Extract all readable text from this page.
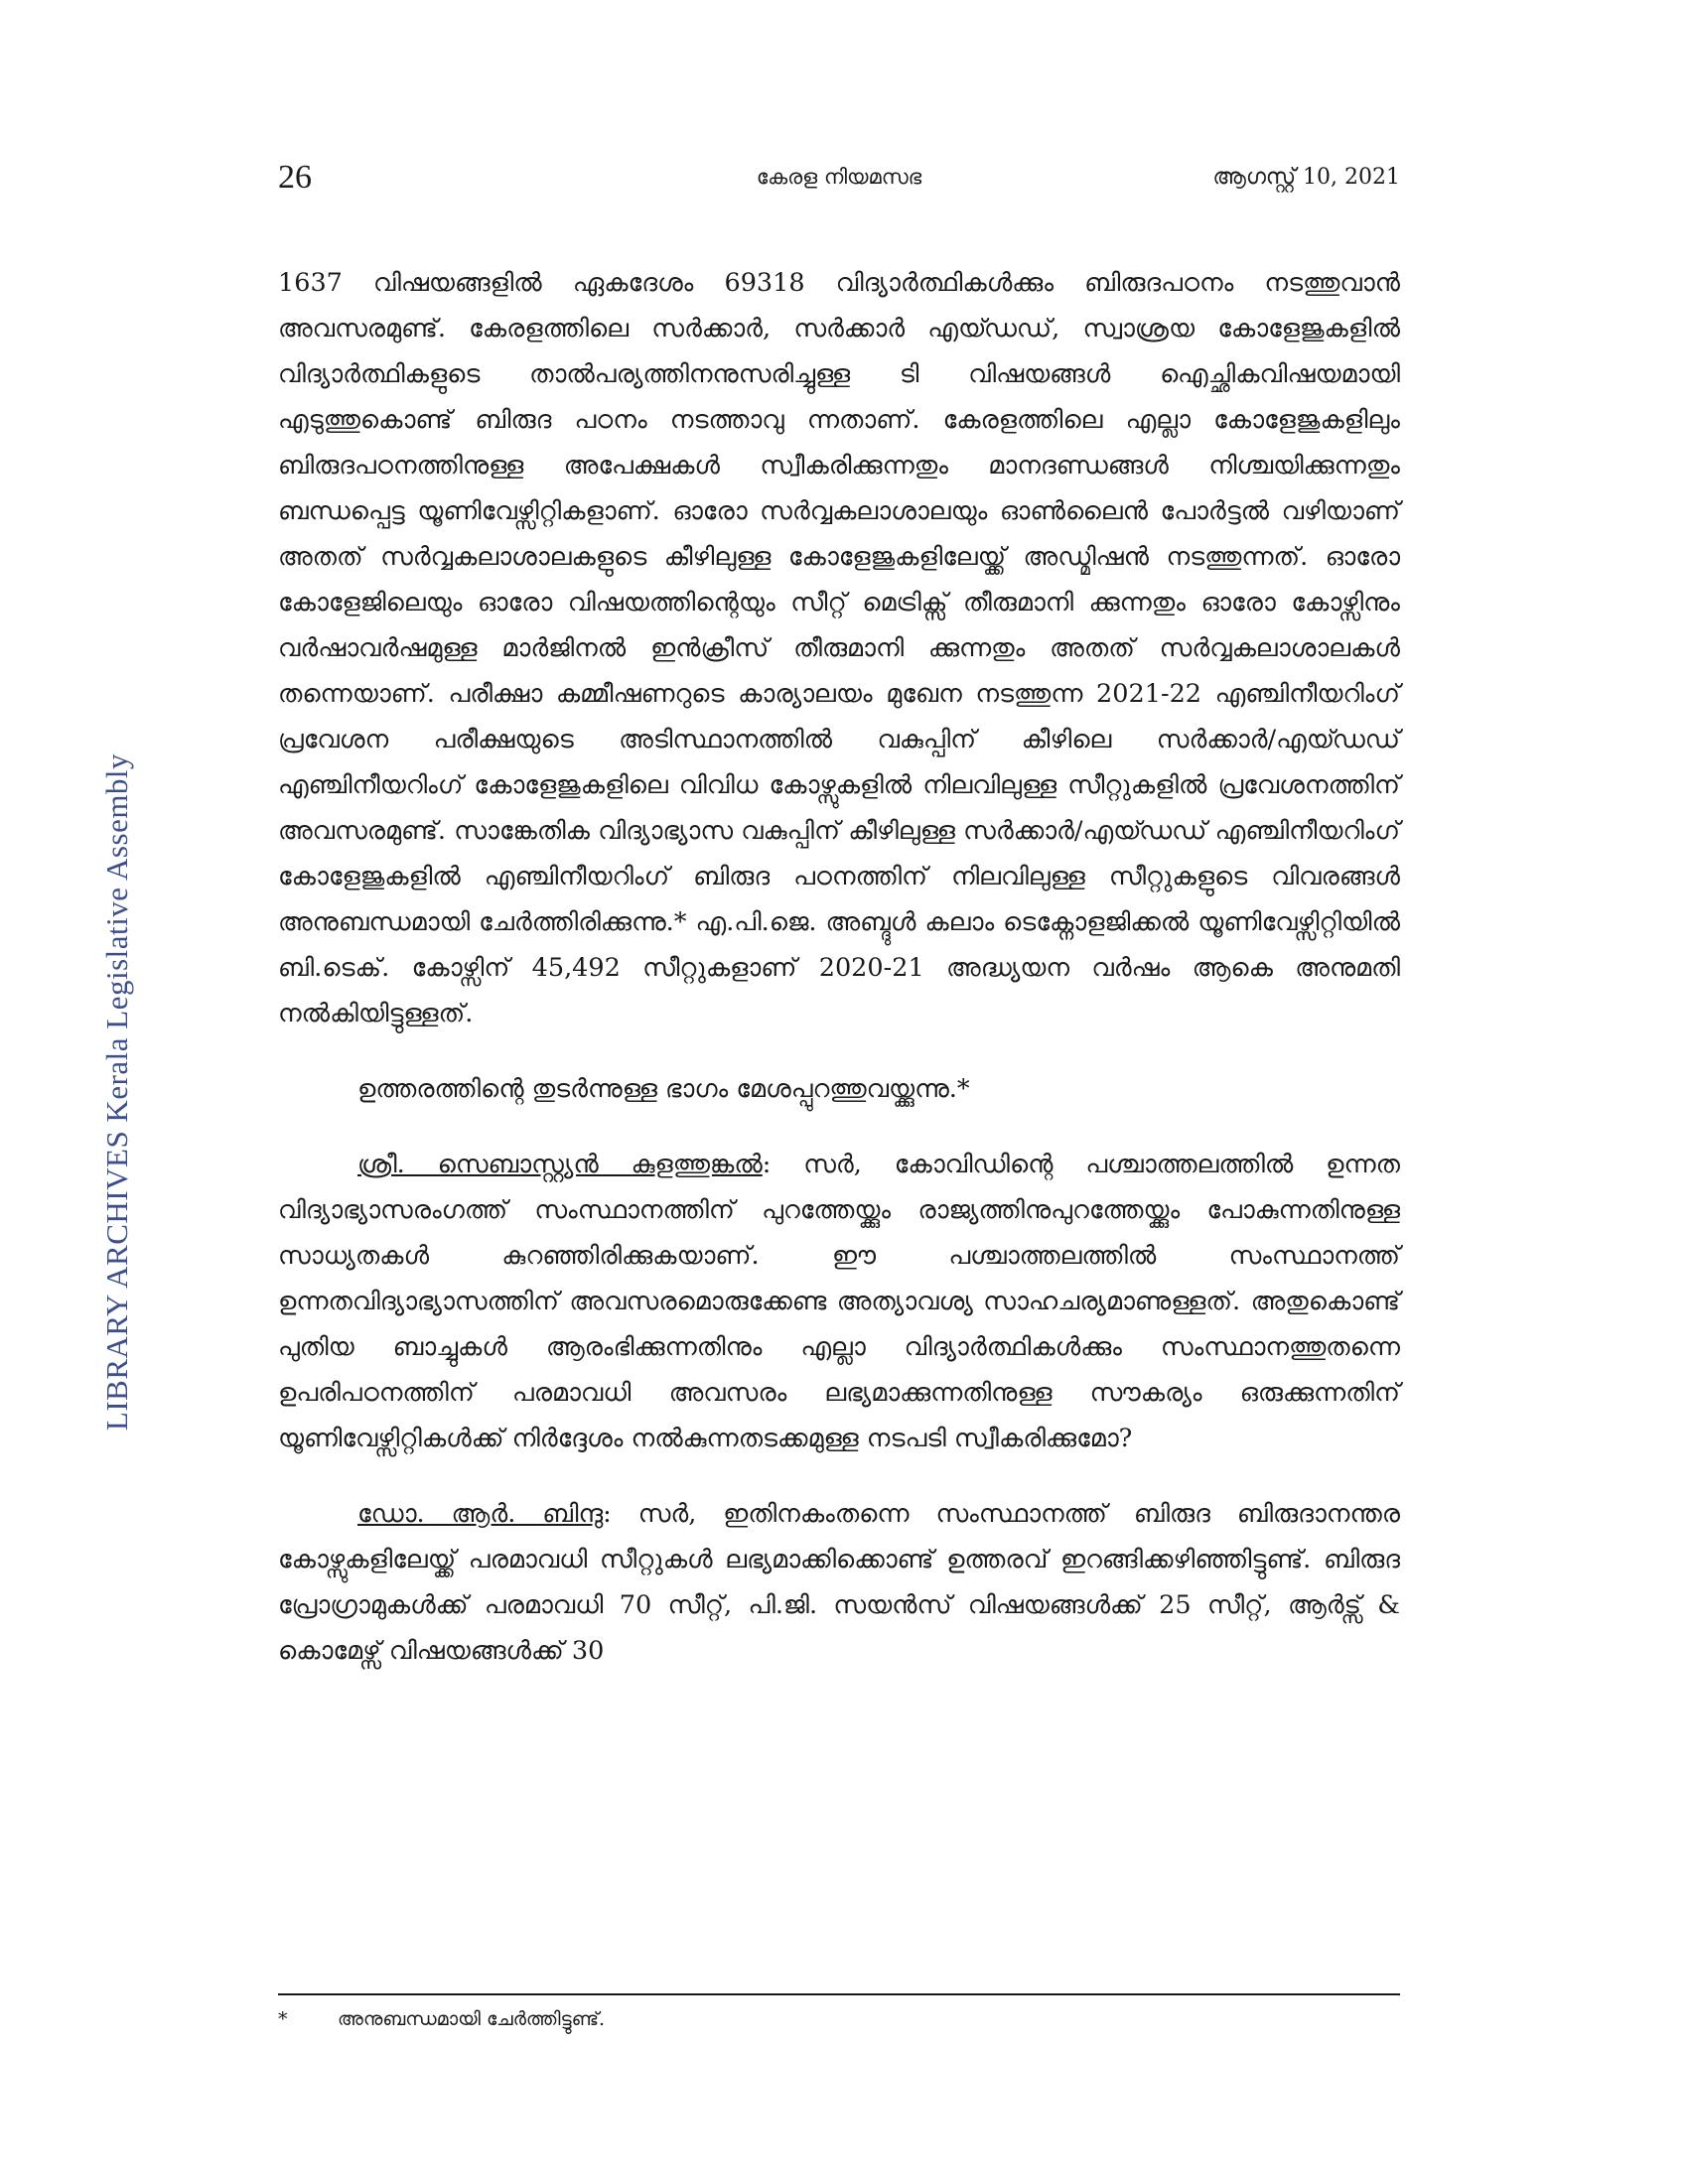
LIBRARY ARCHIVES Kerala Legislative Assembly
26	കേരള നിയമസഭ	ആഗസ്റ്റ് 10, 2021

1637 വിഷയങ്ങളിൽ ഏകദേശം 69318 വിദ്യാർത്ഥികൾക്കും ബിരുദപഠനം നടത്തുവാൻ അവസരമുണ്ട്. കേരളത്തിലെ സർക്കാർ, സർക്കാർ എയ്ഡഡ്, സ്വാശ്രയ കോളേജുകളിൽ വിദ്യാർത്ഥികളുടെ താൽപര്യത്തിനനുസരിച്ചുള്ള ടി വിഷയങ്ങൾ ഐച്ഛികവിഷയമായി എടുത്തുകൊണ്ട് ബിരുദ പഠനം നടത്താവു ന്നതാണ്. കേരളത്തിലെ എല്ലാ കോളേജുകളിലും ബിരുദപഠനത്തിനുള്ള അപേക്ഷകൾ സ്വീകരിക്കുന്നതും മാനദണ്ഡങ്ങൾ നിശ്ചയിക്കുന്നതും ബന്ധപ്പെട്ട യൂണിവേഴ്സിറ്റികളാണ്. ഓരോ സർവ്വകലാശാലയും ഓൺലൈൻ പോർട്ടൽ വഴിയാണ് അതത് സർവ്വകലാശാലകളുടെ കീഴിലുള്ള കോളേജുകളിലേയ്ക്ക് അഡ്മിഷൻ നടത്തുന്നത്. ഓരോ കോളേജിലെയും ഓരോ വിഷയത്തിന്റെയും സീറ്റ് മെട്രിക്സ് തീരുമാനി ക്കുന്നതും ഓരോ കോഴ്സിനും വർഷാവർഷമുള്ള മാർജിനൽ ഇൻക്രീസ് തീരുമാനി ക്കുന്നതും അതത് സർവ്വകലാശാലകൾ തന്നെയാണ്. പരീക്ഷാ കമ്മീഷണറുടെ കാര്യാലയം മുഖേന നടത്തുന്ന 2021-22 എഞ്ചിനീയറിംഗ് പ്രവേശന പരീക്ഷയുടെ അടിസ്ഥാനത്തിൽ വകുപ്പിന് കീഴിലെ സർക്കാർ/എയ്ഡഡ് എഞ്ചിനീയറിംഗ് കോളേജുകളിലെ വിവിധ കോഴ്സുകളിൽ നിലവിലുള്ള സീറ്റുകളിൽ പ്രവേശനത്തിന് അവസരമുണ്ട്. സാങ്കേതിക വിദ്യാഭ്യാസ വകുപ്പിന് കീഴിലുള്ള സർക്കാർ/എയ്ഡഡ് എഞ്ചിനീയറിംഗ് കോളേജുകളിൽ എഞ്ചിനീയറിംഗ് ബിരുദ പഠനത്തിന് നിലവിലുള്ള സീറ്റുകളുടെ വിവരങ്ങൾ അനുബന്ധമായി ചേർത്തിരിക്കുന്നു.* എ.പി.ജെ. അബ്ദുൾ കലാം ടെക്നോളജിക്കൽ യൂണിവേഴ്സിറ്റിയിൽ ബി.ടെക്. കോഴ്സിന് 45,492 സീറ്റുകളാണ് 2020-21 അദ്ധ്യയന വർഷം ആകെ അനുമതി നൽകിയിട്ടുള്ളത്.

ഉത്തരത്തിന്റെ തുടർന്നുള്ള ഭാഗം മേശപ്പുറത്തുവയ്ക്കുന്നു.*

ശ്രീ. സെബാസ്റ്റ്യൻ കുളത്തുങ്കൽ: സർ, കോവിഡിന്റെ പശ്ചാത്തലത്തിൽ ഉന്നത വിദ്യാഭ്യാസരംഗത്ത് സംസ്ഥാനത്തിന് പുറത്തേയ്ക്കും രാജ്യത്തിനുപുറത്തേയ്ക്കും പോകുന്നതിനുള്ള സാധ്യതകൾ കുറഞ്ഞിരിക്കുകയാണ്. ഈ പശ്ചാത്തലത്തിൽ സംസ്ഥാനത്ത് ഉന്നതവിദ്യാഭ്യാസത്തിന് അവസരമൊരുക്കേണ്ട അത്യാവശ്യ സാഹചര്യമാണുള്ളത്. അതുകൊണ്ട് പുതിയ ബാച്ചുകൾ ആരംഭിക്കുന്നതിനും എല്ലാ വിദ്യാർത്ഥികൾക്കും സംസ്ഥാനത്തുതന്നെ ഉപരിപഠനത്തിന് പരമാവധി അവസരം ലഭ്യമാക്കുന്നതിനുള്ള സൗകര്യം ഒരുക്കുന്നതിന് യൂണിവേഴ്സിറ്റികൾക്ക് നിർദ്ദേശം നൽകുന്നതടക്കമുള്ള നടപടി സ്വീകരിക്കുമോ?

ഡോ. ആർ. ബിന്ദു: സർ, ഇതിനകംതന്നെ സംസ്ഥാനത്ത് ബിരുദ ബിരുദാനന്തര കോഴ്സുകളിലേയ്ക്ക് പരമാവധി സീറ്റുകൾ ലഭ്യമാക്കിക്കൊണ്ട് ഉത്തരവ് ഇറങ്ങിക്കഴിഞ്ഞിട്ടുണ്ട്. ബിരുദ പ്രോഗ്രാമുകൾക്ക് പരമാവധി 70 സീറ്റ്, പി.ജി. സയൻസ് വിഷയങ്ങൾക്ക് 25 സീറ്റ്, ആർട്സ് & കൊമേഴ്സ് വിഷയങ്ങൾക്ക് 30

*	അനുബന്ധമായി ചേർത്തിട്ടുണ്ട്.
